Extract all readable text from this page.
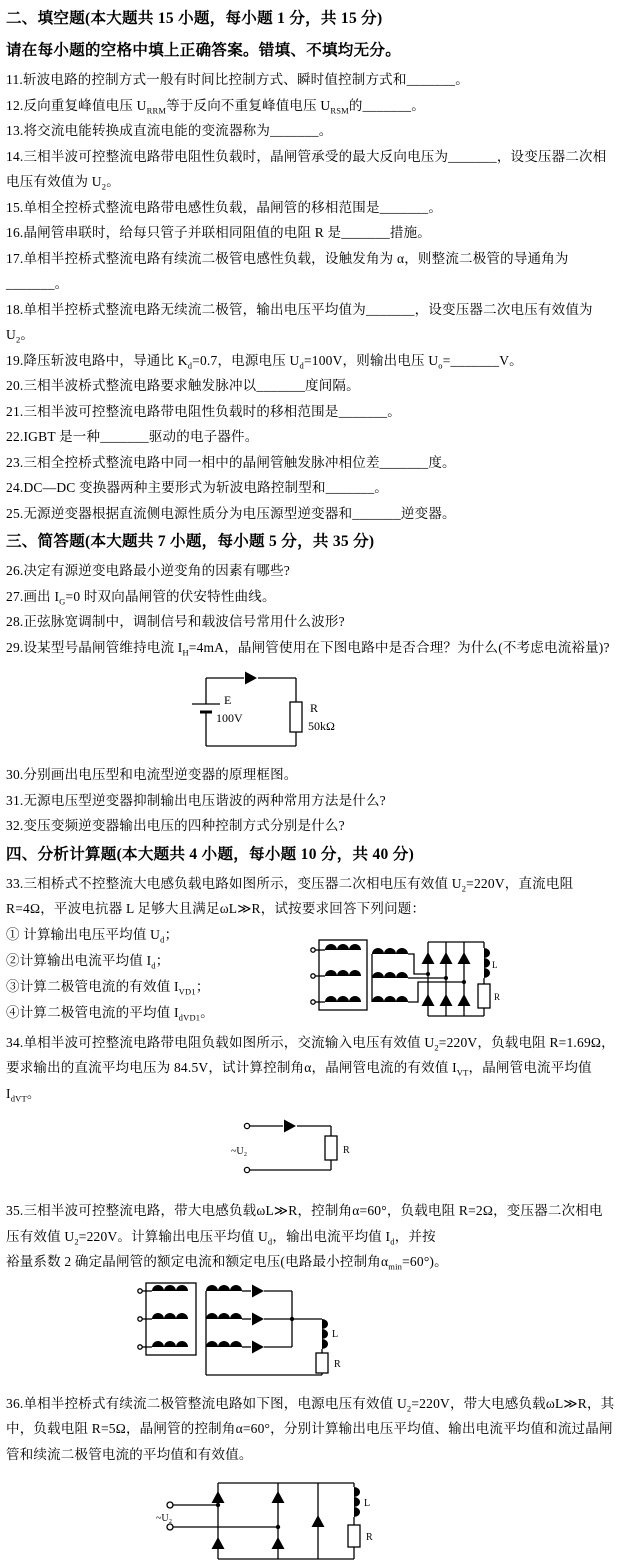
二、填空题(本大题共 15 小题，每小题 1 分，共 15 分)

请在每小题的空格中填上正确答案。错填、不填均无分。

11.斩波电路的控制方式一般有时间比控制方式、瞬时值控制方式和_______。

12.反向重复峰值电压 $U_{RRM}$等于反向不重复峰值电压 $U_{RSM}$的_______。

13.将交流电能转换成直流电能的变流器称为_______。

14.三相半波可控整流电路带电阻性负载时，晶闸管承受的最大反向电压为_______，设变压器二次相电压有效值为 $U_2$。

15.单相全控桥式整流电路带电感性负载，晶闸管的移相范围是_______。

16.晶闸管串联时，给每只管子并联相同阻值的电阻 R 是_______措施。

17.单相半控桥式整流电路有续流二极管电感性负载，设触发角为 α，则整流二极管的导通角为_______。

18.单相半控桥式整流电路无续流二极管，输出电压平均值为_______，设变压器二次电压有效值为 $U_2$。

19.降压斩波电路中，导通比 $K_d=0.7$，电源电压 $U_d=100V$，则输出电压 $U_o=\_\_\_\_\_\_\_V$。

20.三相半波桥式整流电路要求触发脉冲以_______度间隔。

21.三相半波可控整流电路带电阻性负载时的移相范围是_______。

22.IGBT 是一种_______驱动的电子器件。

23.三相全控桥式整流电路中同一相中的晶闸管触发脉冲相位差_______度。

24.DC—DC 变换器两种主要形式为斩波电路控制型和_______。

25.无源逆变器根据直流侧电源性质分为电压源型逆变器和_______逆变器。

三、简答题(本大题共 7 小题，每小题 5 分，共 35 分)

26.决定有源逆变电路最小逆变角的因素有哪些?

27.画出 $I_G=0$ 时双向晶闸管的伏安特性曲线。

28.正弦脉宽调制中，调制信号和载波信号常用什么波形?

29.设某型号晶闸管维持电流 $I_H=4mA$，晶闸管使用在下图电路中是否合理？为什么(不考虑电流裕量)?

E
100V
R
50kΩ

30.分别画出电压型和电流型逆变器的原理框图。

31.无源电压型逆变器抑制输出电压谐波的两种常用方法是什么?

32.变压变频逆变器输出电压的四种控制方式分别是什么?

四、分析计算题(本大题共 4 小题，每小题 10 分，共 40 分)

33.三相桥式不控整流大电感负载电路如图所示，变压器二次相电压有效值 $U_2=220V$，直流电阻 R=4Ω，平波电抗器 L 足够大且满足ωL≫R，试按要求回答下列问题：

① 计算输出电压平均值 $U_d$；

②计算输出电流平均值 $I_d$；

③计算二极管电流的有效值 $I_{VD1}$；

④计算二极管电流的平均值 $I_{dVD1}$。

L
R

34.单相半波可控整流电路带电阻负载如图所示，交流输入电压有效值 $U_2=220V$，负载电阻 R=1.69Ω，要求输出的直流平均电压为 84.5V，试计算控制角α，晶闸管电流的有效值 $I_{VT}$，晶闸管电流平均值 $I_{dVT}$。

~U₂	R

35.三相半波可控整流电路，带大电感负载ωL≫R，控制角α=60°，负载电阻 R=2Ω，变压器二次相电压有效值 $U_2=220V$。计算输出电压平均值 $U_d$，输出电流平均值 $I_d$，并按

裕量系数 2 确定晶闸管的额定电流和额定电压(电路最小控制角$\alpha_{min}=60^\circ$)。

L
R

36.单相半控桥式有续流二极管整流电路如下图，电源电压有效值 $U_2=220V$，带大电感负载ωL≫R，其中，负载电阻 R=5Ω，晶闸管的控制角α=60°，分别计算输出电压平均值、输出电流平均值和流过晶闸管和续流二极管电流的平均值和有效值。

~U₂
L
R
